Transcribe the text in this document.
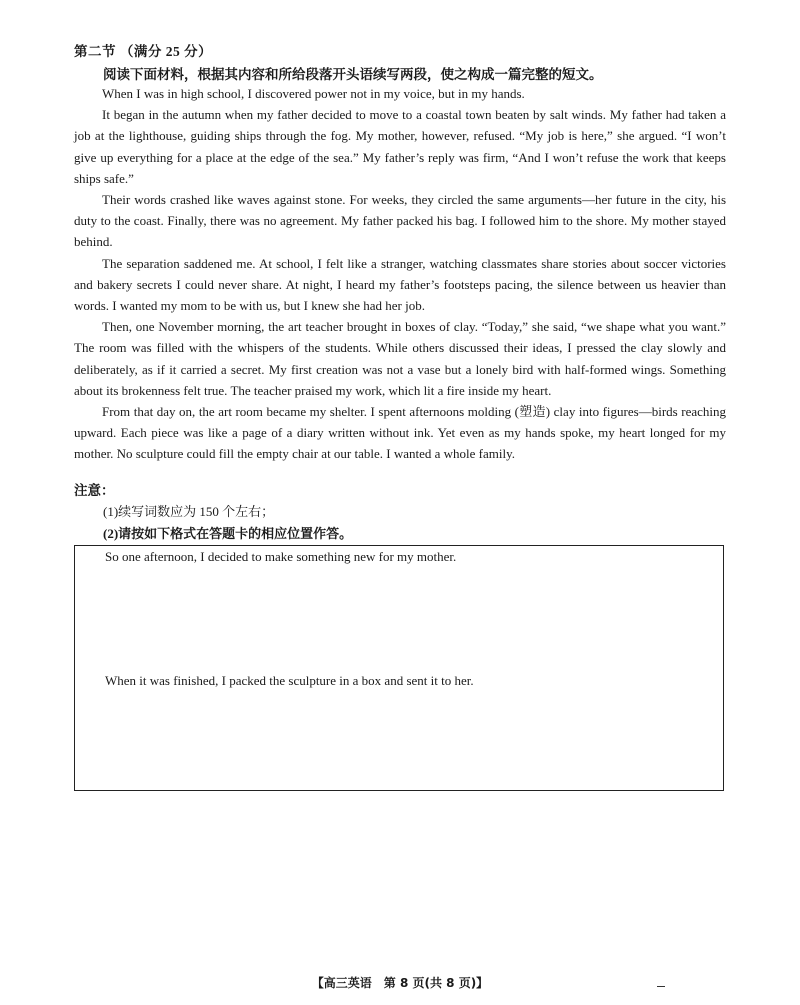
第二节 （满分 25 分）
阅读下面材料，根据其内容和所给段落开头语续写两段，使之构成一篇完整的短文。

When I was in high school, I discovered power not in my voice, but in my hands.

It began in the autumn when my father decided to move to a coastal town beaten by salt winds. My father had taken a job at the lighthouse, guiding ships through the fog. My mother, however, refused. “My job is here,” she argued. “I won’t give up everything for a place at the edge of the sea.” My father’s reply was firm, “And I won’t refuse the work that keeps ships safe.”

Their words crashed like waves against stone. For weeks, they circled the same arguments—her future in the city, his duty to the coast. Finally, there was no agreement. My father packed his bag. I followed him to the shore. My mother stayed behind.

The separation saddened me. At school, I felt like a stranger, watching classmates share stories about soccer victories and bakery secrets I could never share. At night, I heard my father’s footsteps pacing, the silence between us heavier than words. I wanted my mom to be with us, but I knew she had her job.

Then, one November morning, the art teacher brought in boxes of clay. “Today,” she said, “we shape what you want.” The room was filled with the whispers of the students. While others discussed their ideas, I pressed the clay slowly and deliberately, as if it carried a secret. My first creation was not a vase but a lonely bird with half-formed wings. Something about its brokenness felt true. The teacher praised my work, which lit a fire inside my heart.

From that day on, the art room became my shelter. I spent afternoons molding (塑造) clay into figures—birds reaching upward. Each piece was like a page of a diary written without ink. Yet even as my hands spoke, my heart longed for my mother. No sculpture could fill the empty chair at our table. I wanted a whole family.

注意：
(1)续写词数应为 150 个左右；
(2)请按如下格式在答题卡的相应位置作答。
So one afternoon, I decided to make something new for my mother.
When it was finished, I packed the sculpture in a box and sent it to her.
【高三英语　第 8 页(共 8 页)】
